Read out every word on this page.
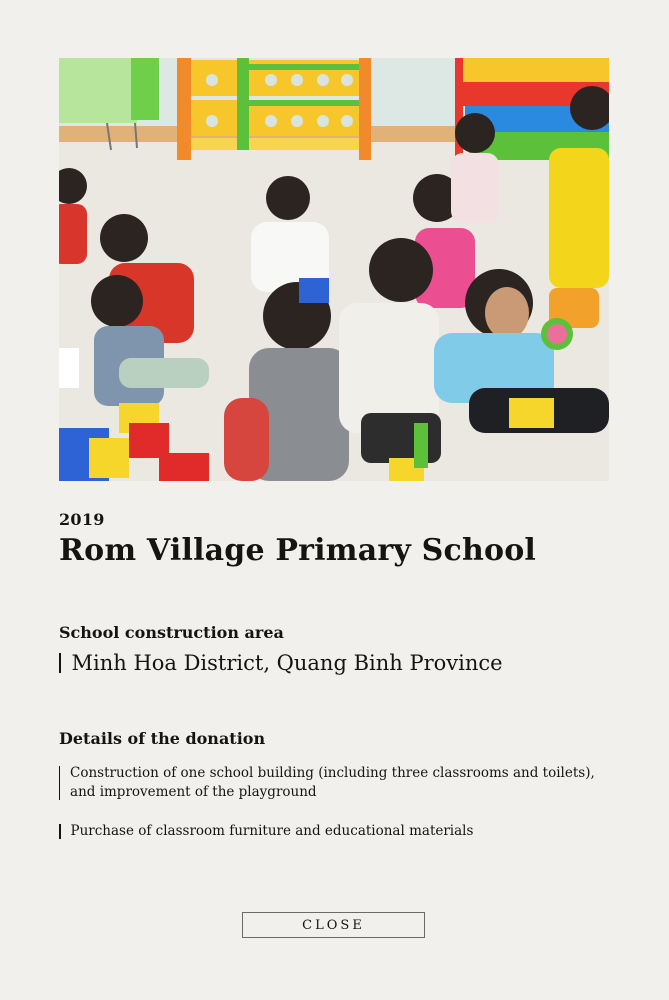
2019
Rom Village Primary School
School construction area
Minh Hoa District, Quang Binh Province
Details of the donation
Construction of one school building (including three classrooms and toilets), and improvement of the playground
Purchase of classroom furniture and educational materials
CLOSE
